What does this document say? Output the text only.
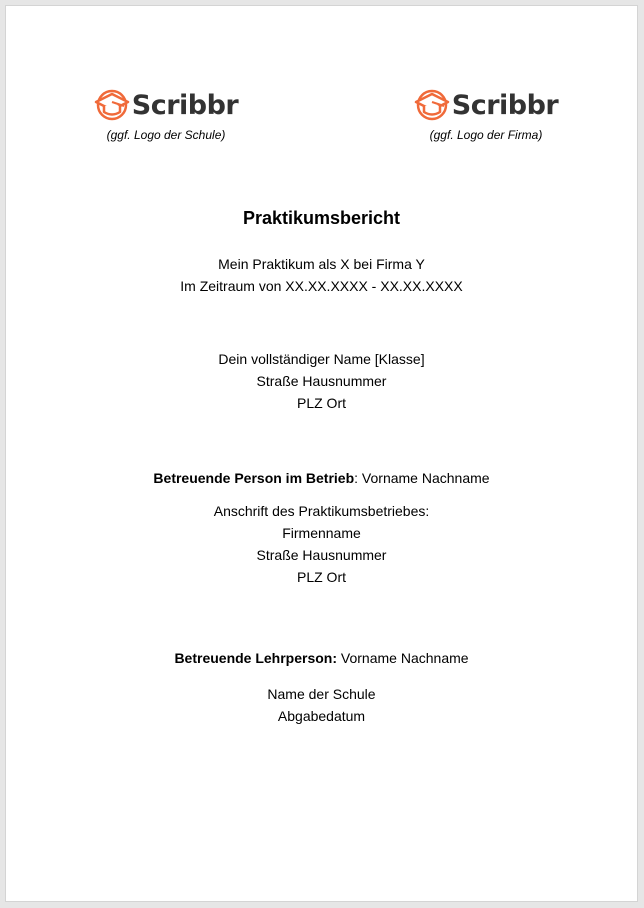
Scribbr
(ggf. Logo der Schule)
Scribbr
(ggf. Logo der Firma)
Praktikumsbericht
Mein Praktikum als X bei Firma Y
Im Zeitraum von XX.XX.XXXX - XX.XX.XXXX
Dein vollständiger Name [Klasse]
Straße Hausnummer
PLZ Ort
Betreuende Person im Betrieb: Vorname Nachname
Anschrift des Praktikumsbetriebes:
Firmenname
Straße Hausnummer
PLZ Ort
Betreuende Lehrperson: Vorname Nachname
Name der Schule
Abgabedatum
